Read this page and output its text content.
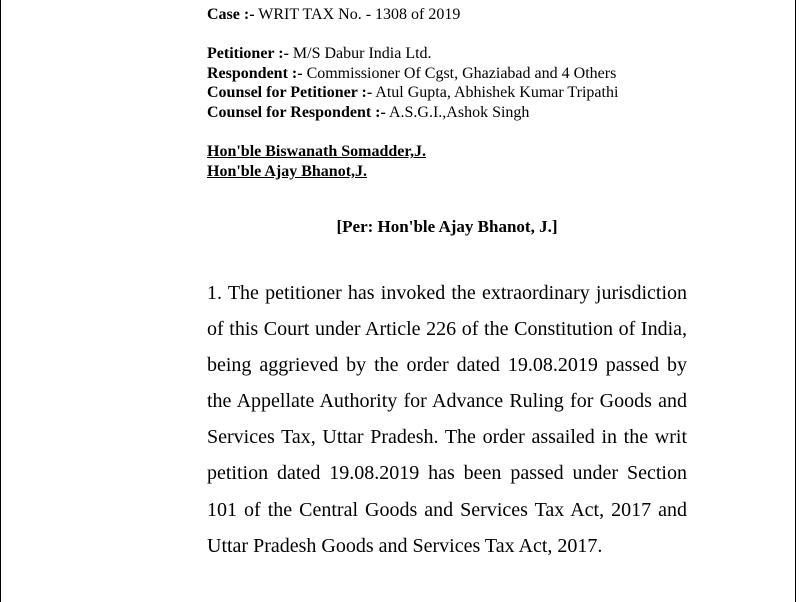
Case :- WRIT TAX No. - 1308 of 2019
Petitioner :- M/S Dabur India Ltd.
Respondent :- Commissioner Of Cgst, Ghaziabad and 4 Others
Counsel for Petitioner :- Atul Gupta, Abhishek Kumar Tripathi
Counsel for Respondent :- A.S.G.I.,Ashok Singh
Hon'ble Biswanath Somadder,J.
Hon'ble Ajay Bhanot,J.
[Per: Hon'ble Ajay Bhanot, J.]

1. The petitioner has invoked the extraordinary jurisdiction of this Court under Article 226 of the Constitution of India, being aggrieved by the order dated 19.08.2019 passed by the Appellate Authority for Advance Ruling for Goods and Services Tax, Uttar Pradesh. The order assailed in the writ petition dated 19.08.2019 has been passed under Section 101 of the Central Goods and Services Tax Act, 2017 and Uttar Pradesh Goods and Services Tax Act, 2017.
